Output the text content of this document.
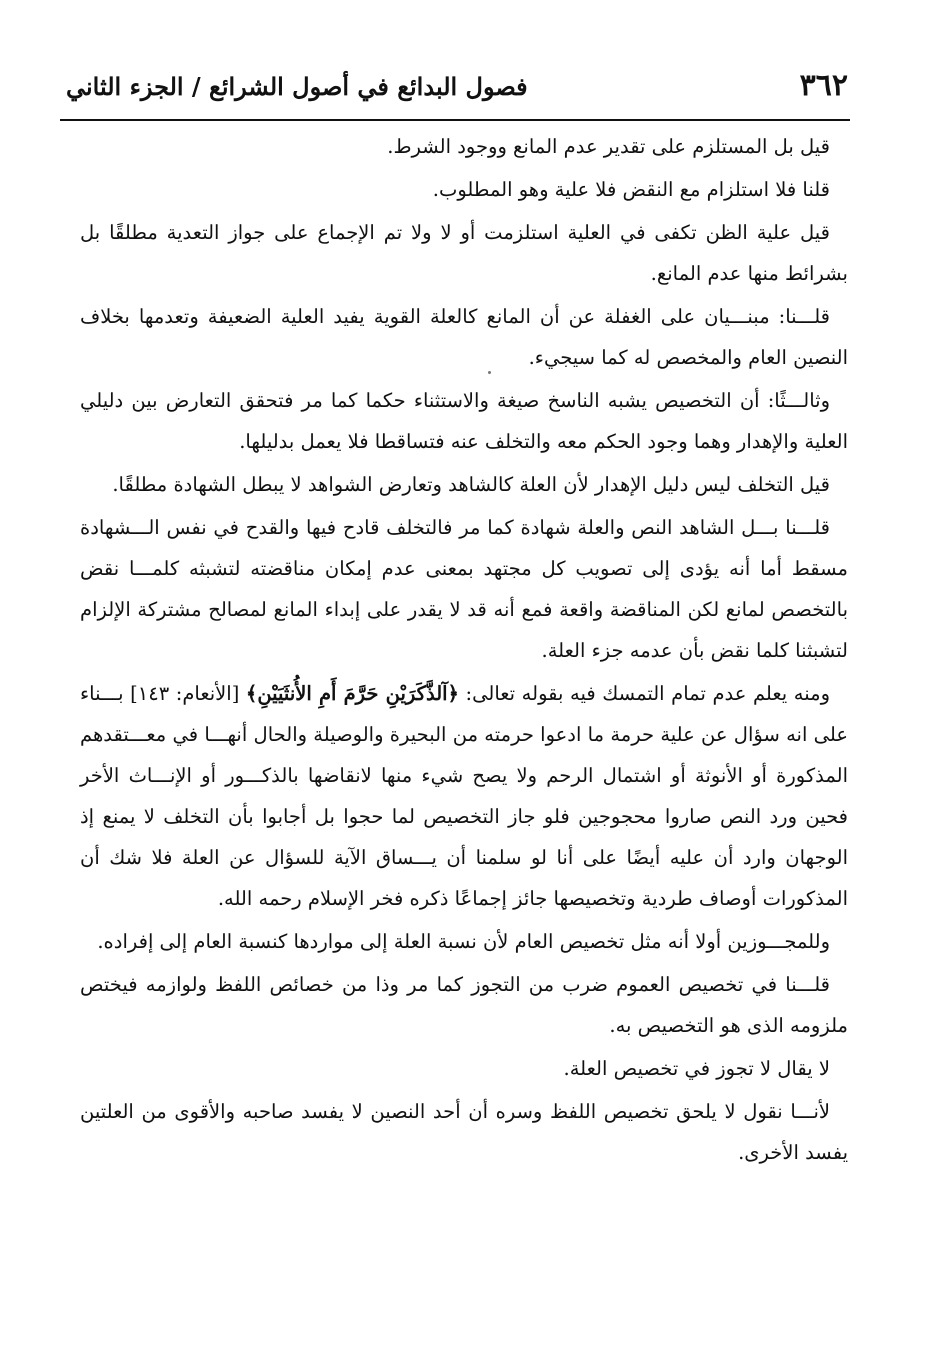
٣٦٢
فصول البدائع في أصول الشرائع / الجزء الثاني

قيل بل المستلزم على تقدير عدم المانع ووجود الشرط.

قلنا فلا استلزام مع النقض فلا علية وهو المطلوب.

قيل علية الظن تكفى في العلية استلزمت أو لا ولا تم الإجماع على جواز التعدية مطلقًا بل بشرائط منها عدم المانع.

قلـــنا: مبنـــيان على الغفلة عن أن المانع كالعلة القوية يفيد العلية الضعيفة وتعدمها بخلاف النصين العام والمخصص له كما سيجيء.

وثالـــثًا: أن التخصيص يشبه الناسخ صيغة والاستثناء حكما كما مر فتحقق التعارض بين دليلي العلية والإهدار وهما وجود الحكم معه والتخلف عنه فتساقطا فلا يعمل بدليلها.

قيل التخلف ليس دليل الإهدار لأن العلة كالشاهد وتعارض الشواهد لا يبطل الشهادة مطلقًا.

قلـــنا بـــل الشاهد النص والعلة شهادة كما مر فالتخلف قادح فيها والقدح في نفس الـــشهادة مسقط أما أنه يؤدى إلى تصويب كل مجتهد بمعنى عدم إمكان مناقضته لتشبثه كلمـــا نقض بالتخصص لمانع لكن المناقضة واقعة فمع أنه قد لا يقدر على إبداء المانع لمصالح مشتركة الإلزام لتشبثنا كلما نقض بأن عدمه جزء العلة.

ومنه يعلم عدم تمام التمسك فيه بقوله تعالى: ﴿آلذَّكَرَيْنِ حَرَّمَ أَمِ الأُنثَيَيْنِ﴾ [الأنعام: ١٤٣] بـــناء على انه سؤال عن علية حرمة ما ادعوا حرمته من البحيرة والوصيلة والحال أنهـــا في معـــتقدهم المذكورة أو الأنوثة أو اشتمال الرحم ولا يصح شيء منها لانقاضها بالذكـــور أو الإنـــاث الأخر فحين ورد النص صاروا محجوجين فلو جاز التخصيص لما حجوا بل أجابوا بأن التخلف لا يمنع إذ الوجهان وارد أن عليه أيضًا على أنا لو سلمنا أن يـــساق الآية للسؤال عن العلة فلا شك أن المذكورات أوصاف طردية وتخصيصها جائز إجماعًا ذكره فخر الإسلام رحمه الله.

وللمجـــوزين أولا أنه مثل تخصيص العام لأن نسبة العلة إلى مواردها كنسبة العام إلى إفراده.

قلـــنا في تخصيص العموم ضرب من التجوز كما مر وذا من خصائص اللفظ ولوازمه فيختص ملزومه الذى هو التخصيص به.

لا يقال لا تجوز في تخصيص العلة.

لأنـــا نقول لا يلحق تخصيص اللفظ وسره أن أحد النصين لا يفسد صاحبه والأقوى من العلتين يفسد الأخرى.
